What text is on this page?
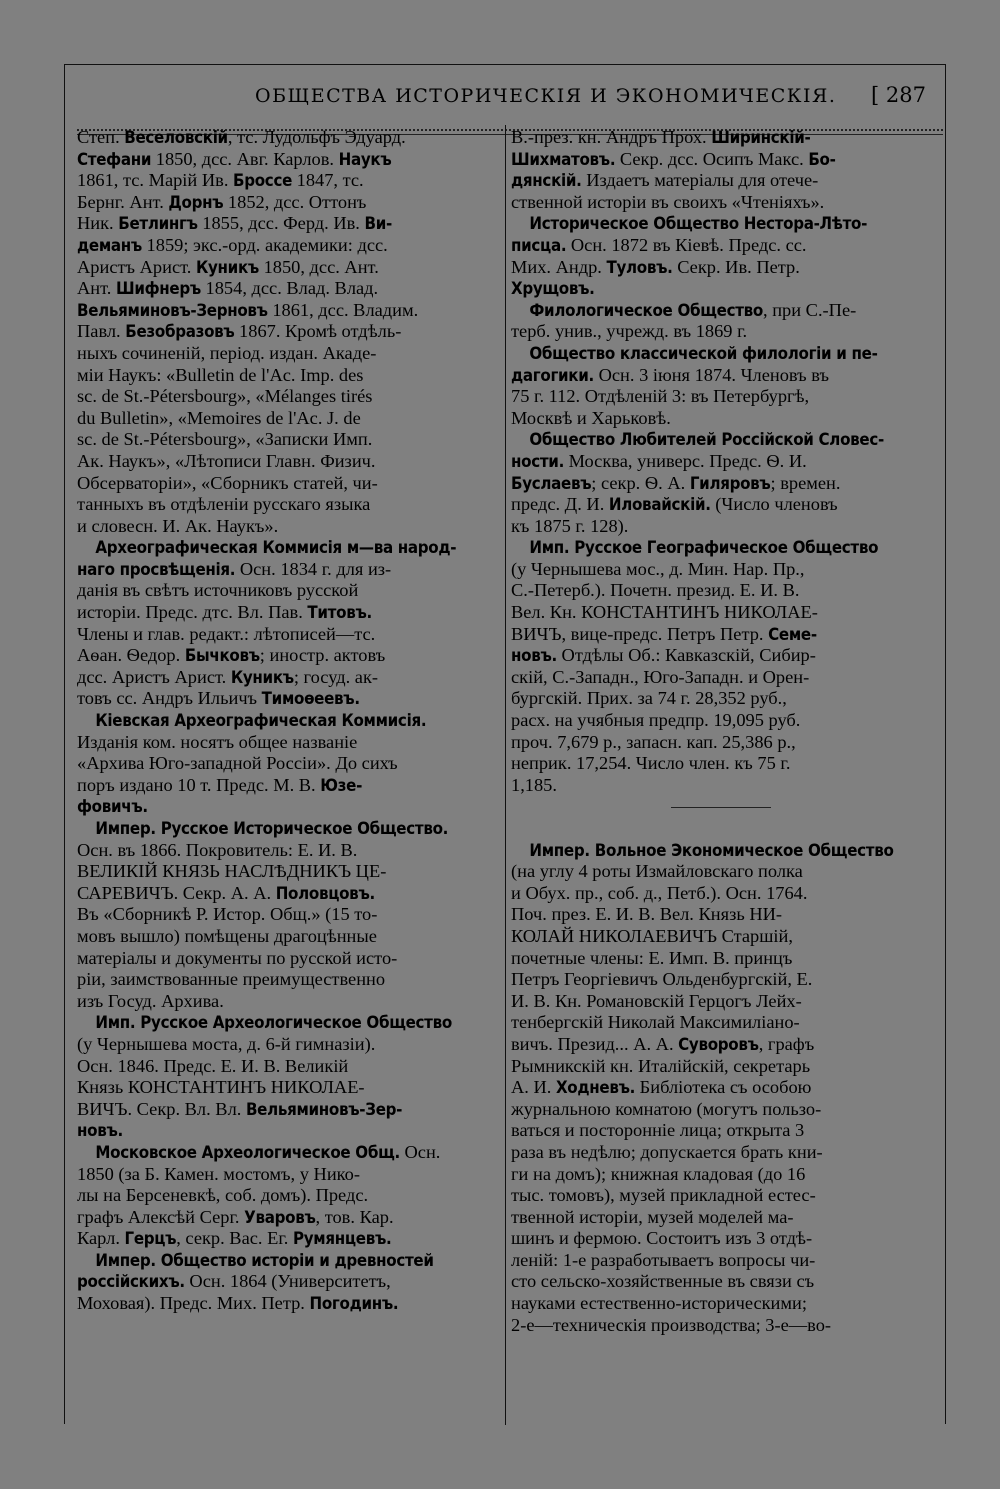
ОБЩЕСТВА ИСТОРИЧЕСКІЯ И ЭКОНОМИЧЕСКІЯ. [ 287
Степ. Веселовскій, тс. Лудольфъ Эдуард.
Стефани 1850, дсс. Авг. Карлов. Наукъ
1861, тс. Марій Ив. Броссе 1847, тс.
Бернг. Ант. Дорнъ 1852, дсс. Оттонъ
Ник. Бетлингъ 1855, дсс. Ферд. Ив. Ви-
деманъ 1859; экс.-орд. академики: дсс.
Аристъ Арист. Куникъ 1850, дсс. Ант.
Ант. Шифнеръ 1854, дсс. Влад. Влад.
Вельяминовъ-Зерновъ 1861, дсс. Владим.
Павл. Безобразовъ 1867. Кромѣ отдѣль-
ныхъ сочиненій, період. издан. Акаде-
міи Наукъ: «Bulletin de l'Ac. Imp. des
sc. de St.-Pétersbourg», «Mélanges tirés
du Bulletin», «Memoires de l'Ac. J. de
sc. de St.-Pétersbourg», «Записки Имп.
Ак. Наукъ», «Лѣтописи Главн. Физич.
Обсерваторіи», «Сборникъ статей, чи-
танныхъ въ отдѣленіи русскаго языка
и словесн. И. Ак. Наукъ».
 Археографическая Коммисія м—ва народ-
наго просвѣщенія. Осн. 1834 г. для из-
данія въ свѣтъ источниковъ русской
исторіи. Предс. дтс. Вл. Пав. Титовъ.
Члены и глав. редакт.: лѣтописей—тс.
Аѳан. Ѳедор. Бычковъ; иностр. актовъ
дсс. Аристъ Арист. Куникъ; госуд. ак-
товъ сс. Андръ Ильичъ Тимоѳеевъ.
 Кіевская Археографическая Коммисія.
Изданія ком. носятъ общее названіе
«Архива Юго-западной Россіи». До сихъ
поръ издано 10 т. Предс. М. В. Юзе-
фовичъ.
 Импер. Русское Историческое Общество.
Осн. въ 1866. Покровитель: Е. И. В.
ВЕЛИКІЙ КНЯЗЬ НАСЛѢДНИКЪ ЦЕ-
САРЕВИЧЪ. Секр. А. А. Половцовъ.
Въ «Сборникѣ Р. Истор. Общ.» (15 то-
мовъ вышло) помѣщены драгоцѣнные
матеріалы и документы по русской исто-
ріи, заимствованные преимущественно
изъ Госуд. Архива.
 Имп. Русское Археологическое Общество
(у Чернышева моста, д. 6-й гимназіи).
Осн. 1846. Предс. Е. И. В. Великій
Князь КОНСТАНТИНЪ НИКОЛАЕ-
ВИЧЪ. Секр. Вл. Вл. Вельяминовъ-Зер-
новъ.
 Московское Археологическое Общ. Осн.
1850 (за Б. Камен. мостомъ, у Нико-
лы на Берсеневкѣ, соб. домъ). Предс.
графъ Алексѣй Серг. Уваровъ, тов. Кар.
Карл. Герцъ, секр. Вас. Ег. Румянцевъ.
 Импер. Общество исторіи и древностей
россійскихъ. Осн. 1864 (Университетъ,
Моховая). Предс. Мих. Петр. Погодинъ.
В.-през. кн. Андръ Прох. Ширинскій-
Шихматовъ. Секр. дсс. Осипъ Макс. Бо-
дянскій. Издаетъ матеріалы для отече-
ственной исторіи въ своихъ «Чтеніяхъ».
 Историческое Общество Нестора-Лѣто-
писца. Осн. 1872 въ Кіевѣ. Предс. сс.
Мих. Андр. Туловъ. Секр. Ив. Петр.
Хрущовъ.
 Филологическое Общество, при С.-Пе-
терб. унив., учрежд. въ 1869 г.
 Общество классической филологіи и пе-
дагогики. Осн. 3 іюня 1874. Членовъ въ
75 г. 112. Отдѣленій 3: въ Петербургѣ,
Москвѣ и Харьковѣ.
 Общество Любителей Россійской Словес-
ности. Москва, универс. Предс. Ѳ. И.
Буслаевъ; секр. Ѳ. А. Гиляровъ; времен.
предс. Д. И. Иловайскій. (Число членовъ
къ 1875 г. 128).
 Имп. Русское Географическое Общество
(у Чернышева мос., д. Мин. Нар. Пр.,
С.-Петерб.). Почетн. презид. Е. И. В.
Вел. Кн. КОНСТАНТИНЪ НИКОЛАЕ-
ВИЧЪ, вице-предс. Петръ Петр. Семе-
новъ. Отдѣлы Об.: Кавказскій, Сибир-
скій, С.-Западн., Юго-Западн. и Орен-
бургскій. Прих. за 74 г. 28,352 руб.,
расх. на учябныя предпр. 19,095 руб.
проч. 7,679 р., запасн. кап. 25,386 р.,
неприк. 17,254. Число член. къ 75 г.
1,185.
 Импер. Вольное Экономическое Общество
(на углу 4 роты Измайловскаго полка
и Обух. пр., соб. д., Петб.). Осн. 1764.
Поч. през. Е. И. В. Вел. Князь НИ-
КОЛАЙ НИКОЛАЕВИЧЪ Старшій,
почетные члены: Е. Имп. В. принцъ
Петръ Георгіевичъ Ольденбургскій, Е.
И. В. Кн. Романовскій Герцогъ Лейх-
тенбергскій Николай Максимиліано-
вичъ. Презид... А. А. Суворовъ, графъ
Рымникскій кн. Италійскій, секретарь
А. И. Ходневъ. Библіотека съ особою
журнальною комнатою (могутъ пользо-
ваться и посторонніе лица; открыта 3
раза въ недѣлю; допускается брать кни-
ги на домъ); книжная кладовая (до 16
тыс. томовъ), музей прикладной естес-
твенной исторіи, музей моделей ма-
шинъ и фермою. Состоитъ изъ 3 отдѣ-
леній: 1-е разработываетъ вопросы чи-
сто сельско-хозяйственные въ связи съ
науками естественно-историческими;
2-е—техническія производства; 3-е—во-
